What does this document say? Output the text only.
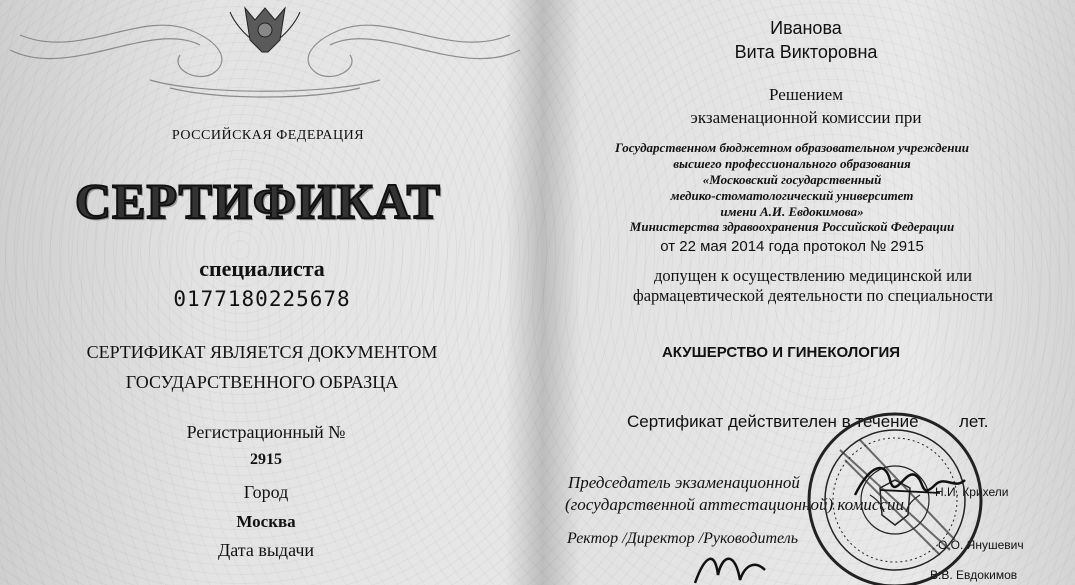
РОССИЙСКАЯ ФЕДЕРАЦИЯ
СЕРТИФИКАТ
специалиста
0177180225678
СЕРТИФИКАТ ЯВЛЯЕТСЯ ДОКУМЕНТОМ
ГОСУДАРСТВЕННОГО ОБРАЗЦА
Регистрационный №
2915
Город
Москва
Дата выдачи
Иванова
Вита Викторовна
Решением
экзаменационной комиссии при
Государственном бюджетном образовательном учреждении
высшего профессионального образования
«Московский государственный
медико-стоматологический университет
имени А.И. Евдокимова»
Министерства здравоохранения Российской Федерации
от 22 мая 2014 года протокол № 2915
допущен к осуществлению медицинской или
фармацевтической деятельности по специальности
АКУШЕРСТВО И ГИНЕКОЛОГИЯ
Сертификат действителен в течение лет.
Председатель экзаменационной
(государственной аттестационной) комиссии
Н.И. Крихели
Ректор /Директор /Руководитель	О.О. Янушевич
В.В. Евдокимов
